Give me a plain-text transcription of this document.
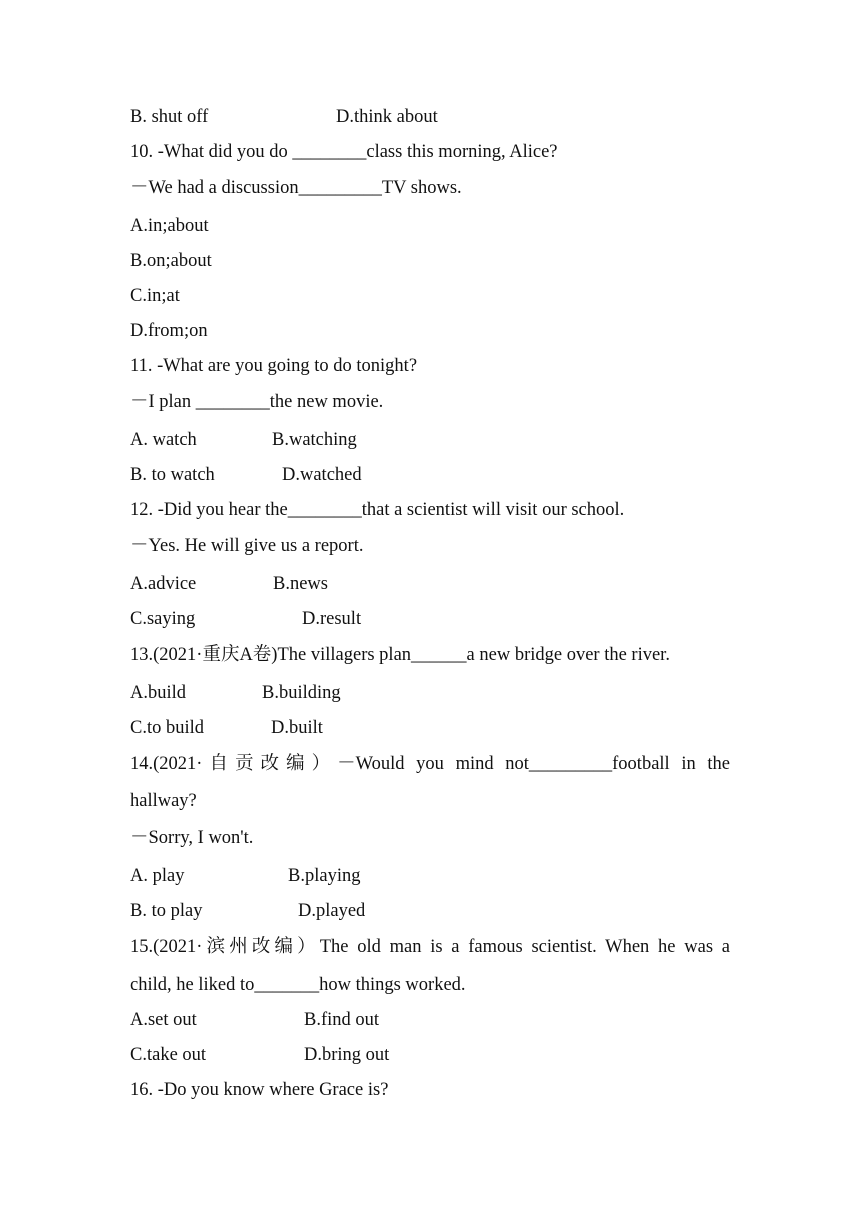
B. shut off	D.think about
10. -What did you do ________class this morning, Alice?
－We had a discussion_________TV shows.
A.in;about
B.on;about
C.in;at
D.from;on
11. -What are you going to do tonight?
－I plan ________the new movie.
A. watch	B.watching
B. to watch	D.watched
12. -Did you hear the________that a scientist will visit our school.
－Yes. He will give us a report.
A.advice	B.news
C.saying	D.result
13.(2021·重庆A卷)The villagers plan______a new bridge over the river.
A.build	B.building
C.to build	D.built
14.(2021·自贡改编）－Would you mind not_________football in the
hallway?
－Sorry, I won't.
A. play	B.playing
B. to play	D.played
15.(2021·滨州改编）The old man is a famous scientist. When he was a
child, he liked to_______how things worked.
A.set out	B.find out
C.take out	D.bring out
16. -Do you know where Grace is?
